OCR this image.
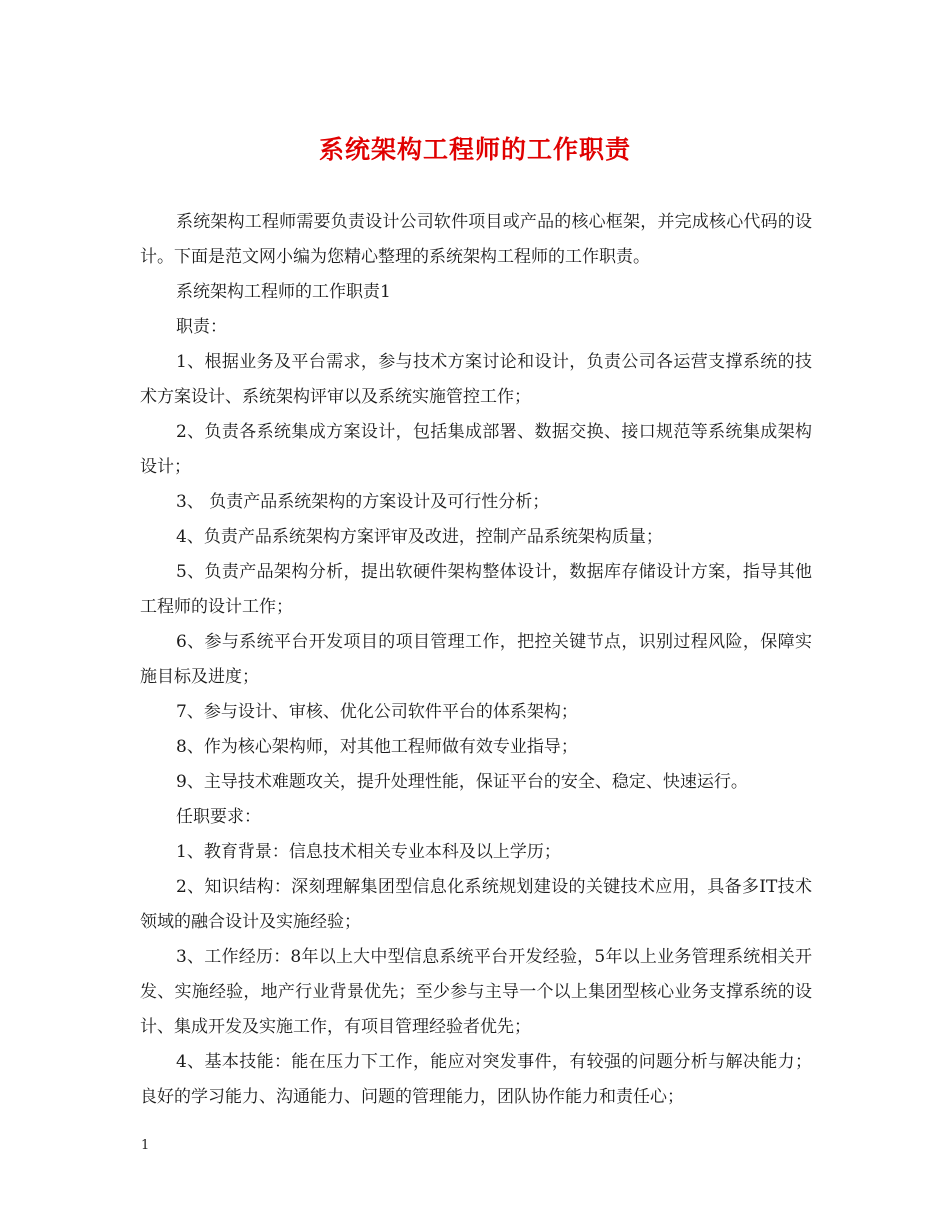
系统架构工程师的工作职责

系统架构工程师需要负责设计公司软件项目或产品的核心框架，并完成核心代码的设计。下面是范文网小编为您精心整理的系统架构工程师的工作职责。

系统架构工程师的工作职责1

职责：

1、根据业务及平台需求，参与技术方案讨论和设计，负责公司各运营支撑系统的技术方案设计、系统架构评审以及系统实施管控工作；

2、负责各系统集成方案设计，包括集成部署、数据交换、接口规范等系统集成架构设计；

3、 负责产品系统架构的方案设计及可行性分析；

4、负责产品系统架构方案评审及改进，控制产品系统架构质量；

5、负责产品架构分析，提出软硬件架构整体设计，数据库存储设计方案，指导其他工程师的设计工作；

6、参与系统平台开发项目的项目管理工作，把控关键节点，识别过程风险，保障实施目标及进度；

7、参与设计、审核、优化公司软件平台的体系架构；

8、作为核心架构师，对其他工程师做有效专业指导；

9、主导技术难题攻关，提升处理性能，保证平台的安全、稳定、快速运行。

任职要求：

1、教育背景：信息技术相关专业本科及以上学历；

2、知识结构：深刻理解集团型信息化系统规划建设的关键技术应用，具备多IT技术领域的融合设计及实施经验；

3、工作经历：8年以上大中型信息系统平台开发经验，5年以上业务管理系统相关开发、实施经验，地产行业背景优先；至少参与主导一个以上集团型核心业务支撑系统的设计、集成开发及实施工作，有项目管理经验者优先；

4、基本技能：能在压力下工作，能应对突发事件，有较强的问题分析与解决能力；良好的学习能力、沟通能力、问题的管理能力，团队协作能力和责任心；

1
